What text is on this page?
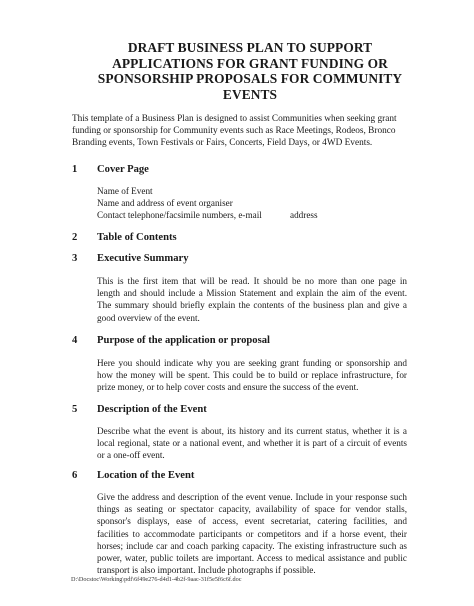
DRAFT BUSINESS PLAN TO SUPPORT
APPLICATIONS FOR GRANT FUNDING OR
SPONSORSHIP PROPOSALS FOR COMMUNITY
EVENTS
This template of a Business Plan is designed to assist Communities when seeking grant
funding or sponsorship for Community events such as Race Meetings, Rodeos, Bronco
Branding events, Town Festivals or Fairs, Concerts, Field Days, or 4WD Events.
1 Cover Page
Name of Event
Name and address of event organiser
Contact telephone/facsimile numbers, e-mail	address
2 Table of Contents
3 Executive Summary
This is the first item that will be read. It should be no more than one page in
length and should include a Mission Statement and explain the aim of the event.
The summary should briefly explain the contents of the business plan and give a
good overview of the event.
4 Purpose of the application or proposal
Here you should indicate why you are seeking grant funding or sponsorship and
how the money will be spent. This could be to build or replace infrastructure, for
prize money, or to help cover costs and ensure the success of the event.
5 Description of the Event
Describe what the event is about, its history and its current status, whether it is a
local regional, state or a national event, and whether it is part of a circuit of events
or a one-off event.
6 Location of the Event
Give the address and description of the event venue. Include in your response such
things as seating or spectator capacity, availability of space for vendor stalls,
sponsor's displays, ease of access, event secretariat, catering facilities, and
facilities to accommodate participants or competitors and if a horse event, their
horses; include car and coach parking capacity. The existing infrastructure such as
power, water, public toilets are important. Access to medical assistance and public
transport is also important. Include photographs if possible.
D:\Docstoc\Working\pdf\6f49e276-d4d1-4b2f-9aac-31f5e5f6c6f.doc
